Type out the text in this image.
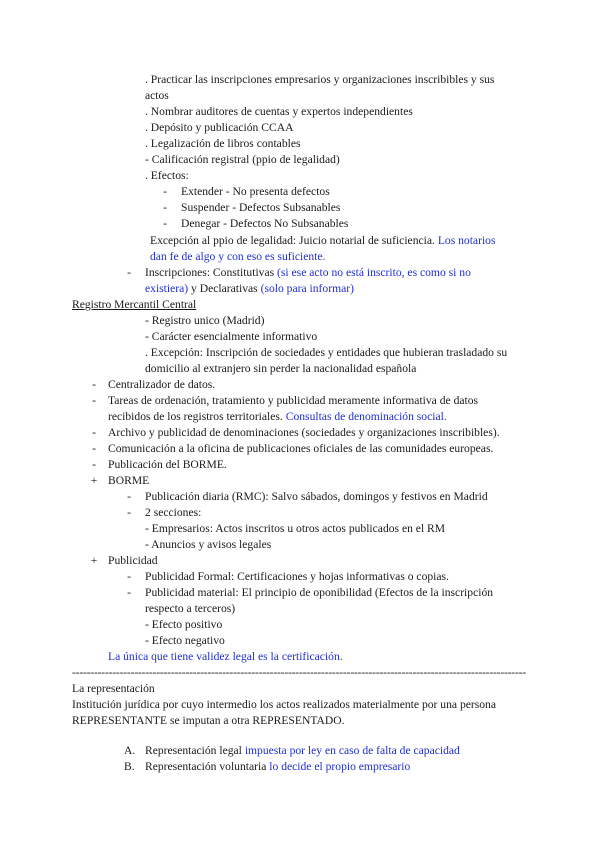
. Practicar las inscripciones empresarios y organizaciones inscribibles y sus
actos
. Nombrar auditores de cuentas y expertos independientes
. Depósito y publicación CCAA
. Legalización de libros contables
- Calificación registral (ppio de legalidad)
. Efectos:
-	Extender - No presenta defectos
-	Suspender - Defectos Subsanables
-	Denegar - Defectos No Subsanables
Excepción al ppio de legalidad: Juicio notarial de suficiencia. Los notarios
dan fe de algo y con eso es suficiente.
-	Inscripciones: Constitutivas (si ese acto no está inscrito, es como si no
existiera) y Declarativas (solo para informar)
Registro Mercantil Central
- Registro unico (Madrid)
- Carácter esencialmente informativo
. Excepción: Inscripción de sociedades y entidades que hubieran trasladado su
domicilio al extranjero sin perder la nacionalidad española
-	Centralizador de datos.
-	Tareas de ordenación, tratamiento y publicidad meramente informativa de datos
recibidos de los registros territoriales. Consultas de denominación social.
-	Archivo y publicidad de denominaciones (sociedades y organizaciones inscribibles).
-	Comunicación a la oficina de publicaciones oficiales de las comunidades europeas.
-	Publicación del BORME.
+ BORME
-	Publicación diaria (RMC): Salvo sábados, domingos y festivos en Madrid
-	2 secciones:
- Empresarios: Actos inscritos u otros actos publicados en el RM
- Anuncios y avisos legales
+ Publicidad
-	Publicidad Formal: Certificaciones y hojas informativas o copias.
-	Publicidad material: El principio de oponibilidad (Efectos de la inscripción
respecto a terceros)
- Efecto positivo
- Efecto negativo
La única que tiene validez legal es la certificación.
----------------------------------------------------------------------------------------------------------------------------
La representación
Institución jurídica por cuyo intermedio los actos realizados materialmente por una persona
REPRESENTANTE se imputan a otra REPRESENTADO.
A. Representación legal impuesta por ley en caso de falta de capacidad
B. Representación voluntaria lo decide el propio empresario
